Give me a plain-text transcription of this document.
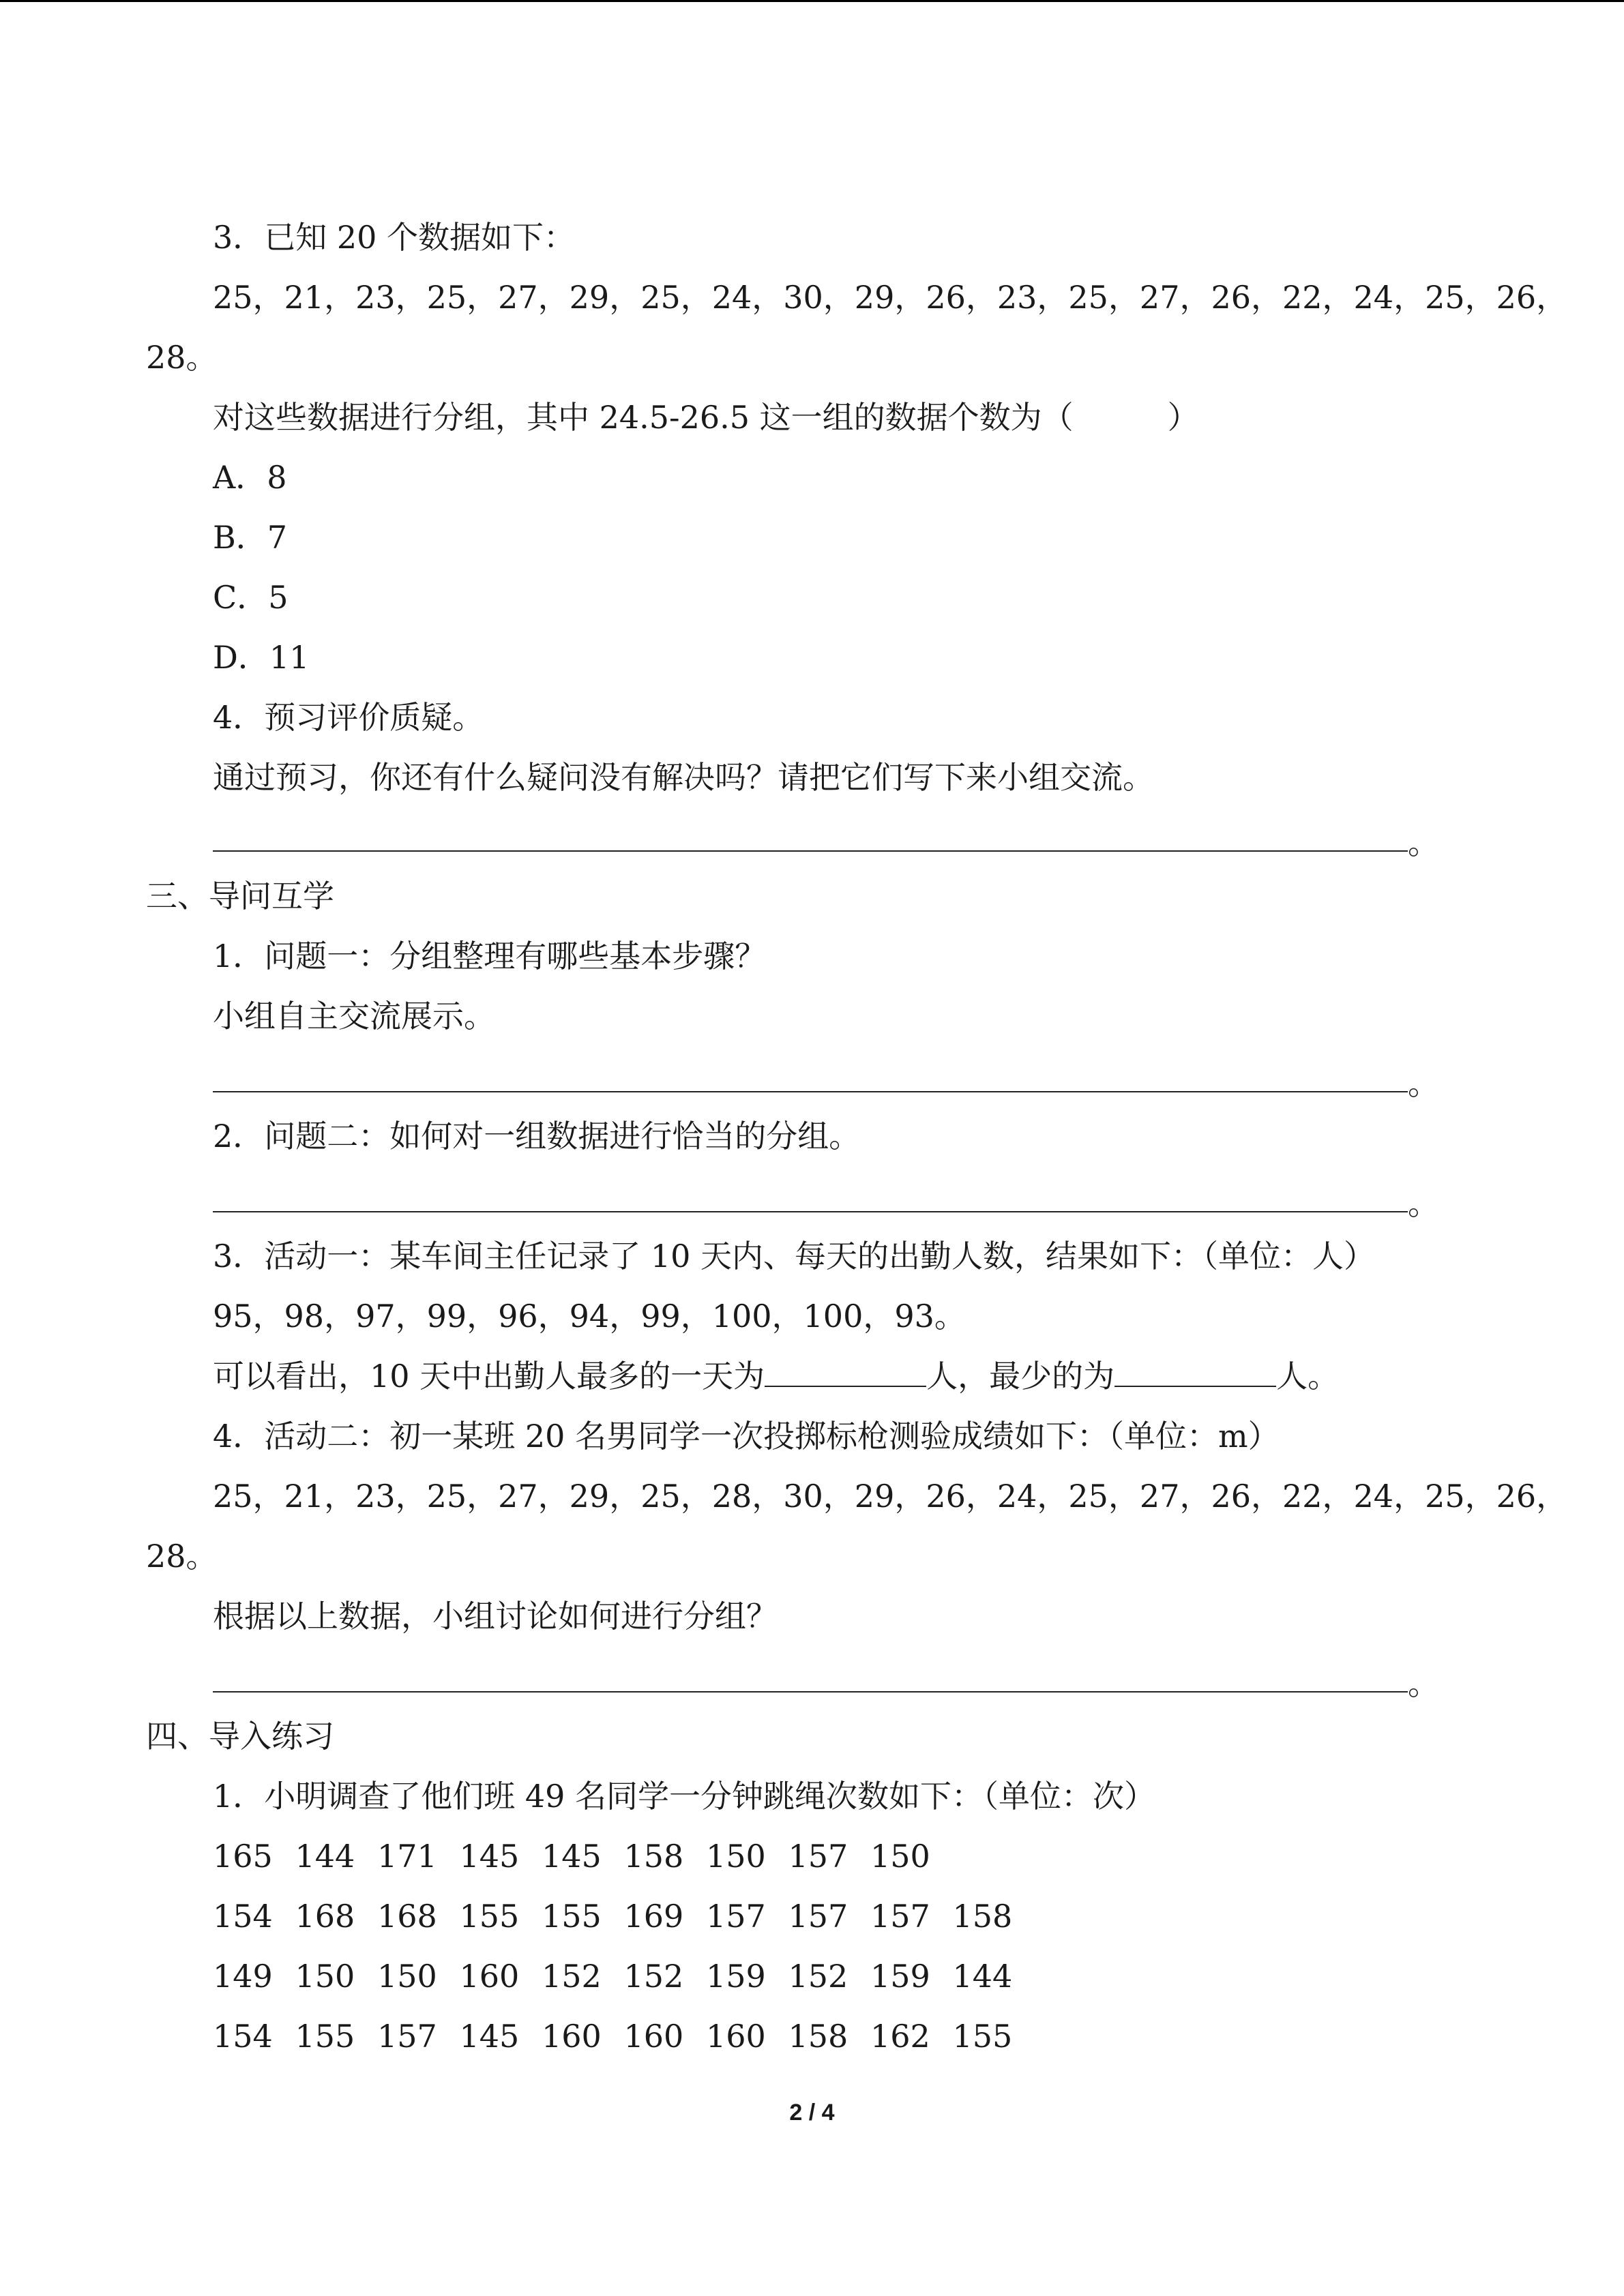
3．已知 20 个数据如下：
25，21，23，25，27，29，25，24，30，29，26，23，25，27，26，22，24，25，26，
28。
对这些数据进行分组，其中 24.5-26.5 这一组的数据个数为（　　　）
A．8
B．7
C．5
D．11
4．预习评价质疑。
通过预习，你还有什么疑问没有解决吗？请把它们写下来小组交流。
。
三、导问互学
1．问题一：分组整理有哪些基本步骤？
小组自主交流展示。
。
2．问题二：如何对一组数据进行恰当的分组。
。
3．活动一：某车间主任记录了 10 天内、每天的出勤人数，结果如下：（单位：人）
95，98，97，99，96，94，99，100，100，93。
可以看出，10 天中出勤人最多的一天为	人，最少的为	人。
4．活动二：初一某班 20 名男同学一次投掷标枪测验成绩如下：（单位：m）
25，21，23，25，27，29，25，28，30，29，26，24，25，27，26，22，24，25，26，
28。
根据以上数据，小组讨论如何进行分组？
。
四、导入练习
1．小明调查了他们班 49 名同学一分钟跳绳次数如下：（单位：次）
165 144 171 145 145 158 150 157 150
154 168 168 155 155 169 157 157 157 158
149 150 150 160 152 152 159 152 159 144
154 155 157 145 160 160 160 158 162 155
2 / 4
